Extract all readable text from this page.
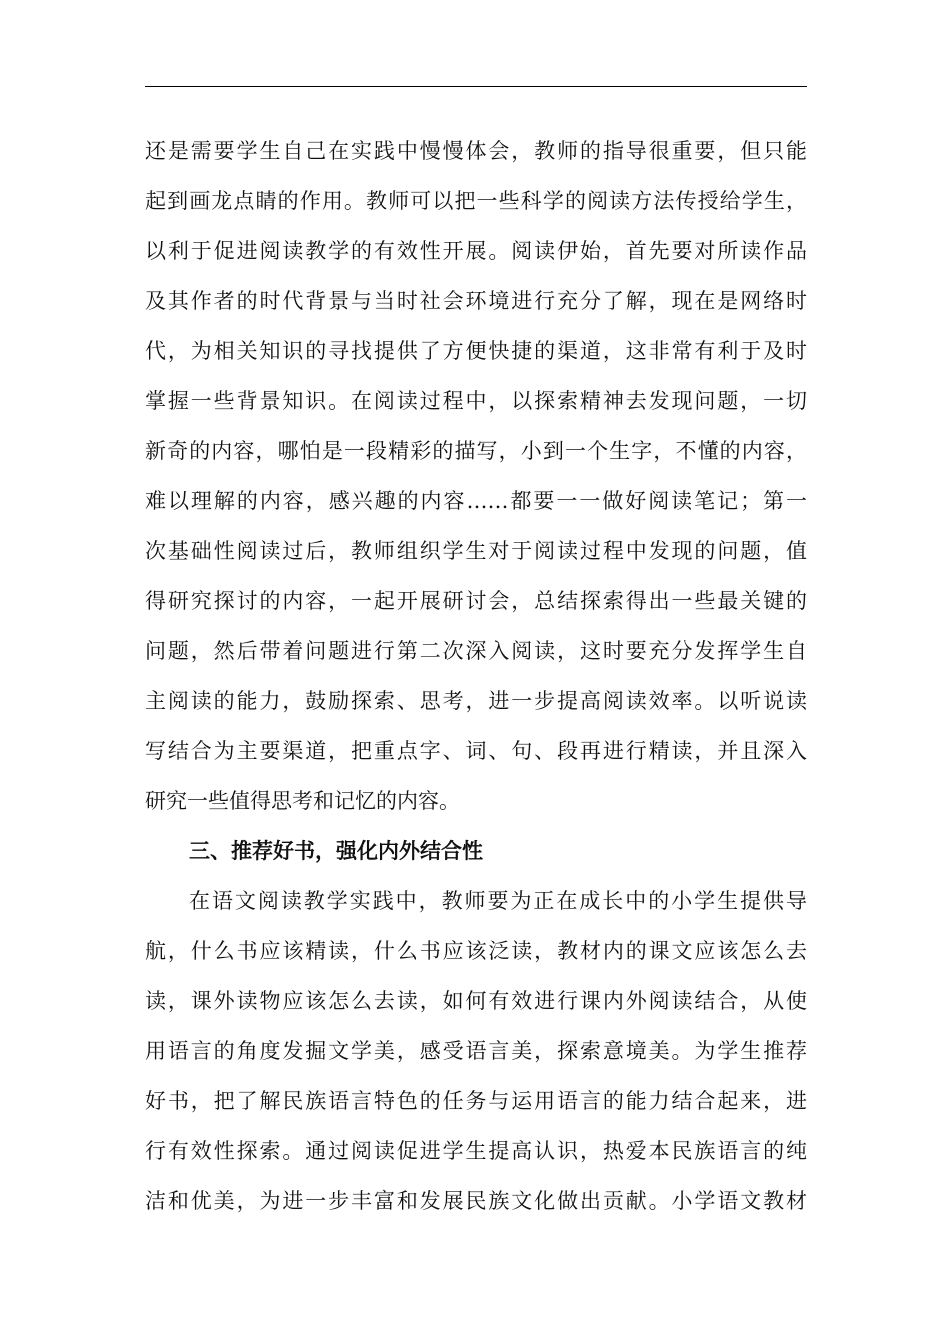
还是需要学生自己在实践中慢慢体会，教师的指导很重要，但只能
起到画龙点睛的作用。教师可以把一些科学的阅读方法传授给学生，
以利于促进阅读教学的有效性开展。阅读伊始，首先要对所读作品
及其作者的时代背景与当时社会环境进行充分了解，现在是网络时
代，为相关知识的寻找提供了方便快捷的渠道，这非常有利于及时
掌握一些背景知识。在阅读过程中，以探索精神去发现问题，一切
新奇的内容，哪怕是一段精彩的描写，小到一个生字，不懂的内容，
难以理解的内容，感兴趣的内容……都要一一做好阅读笔记；第一
次基础性阅读过后，教师组织学生对于阅读过程中发现的问题，值
得研究探讨的内容，一起开展研讨会，总结探索得出一些最关键的
问题，然后带着问题进行第二次深入阅读，这时要充分发挥学生自
主阅读的能力，鼓励探索、思考，进一步提高阅读效率。以听说读
写结合为主要渠道，把重点字、词、句、段再进行精读，并且深入
研究一些值得思考和记忆的内容。
三、推荐好书，强化内外结合性
在语文阅读教学实践中，教师要为正在成长中的小学生提供导
航，什么书应该精读，什么书应该泛读，教材内的课文应该怎么去
读，课外读物应该怎么去读，如何有效进行课内外阅读结合，从使
用语言的角度发掘文学美，感受语言美，探索意境美。为学生推荐
好书，把了解民族语言特色的任务与运用语言的能力结合起来，进
行有效性探索。通过阅读促进学生提高认识，热爱本民族语言的纯
洁和优美，为进一步丰富和发展民族文化做出贡献。小学语文教材
